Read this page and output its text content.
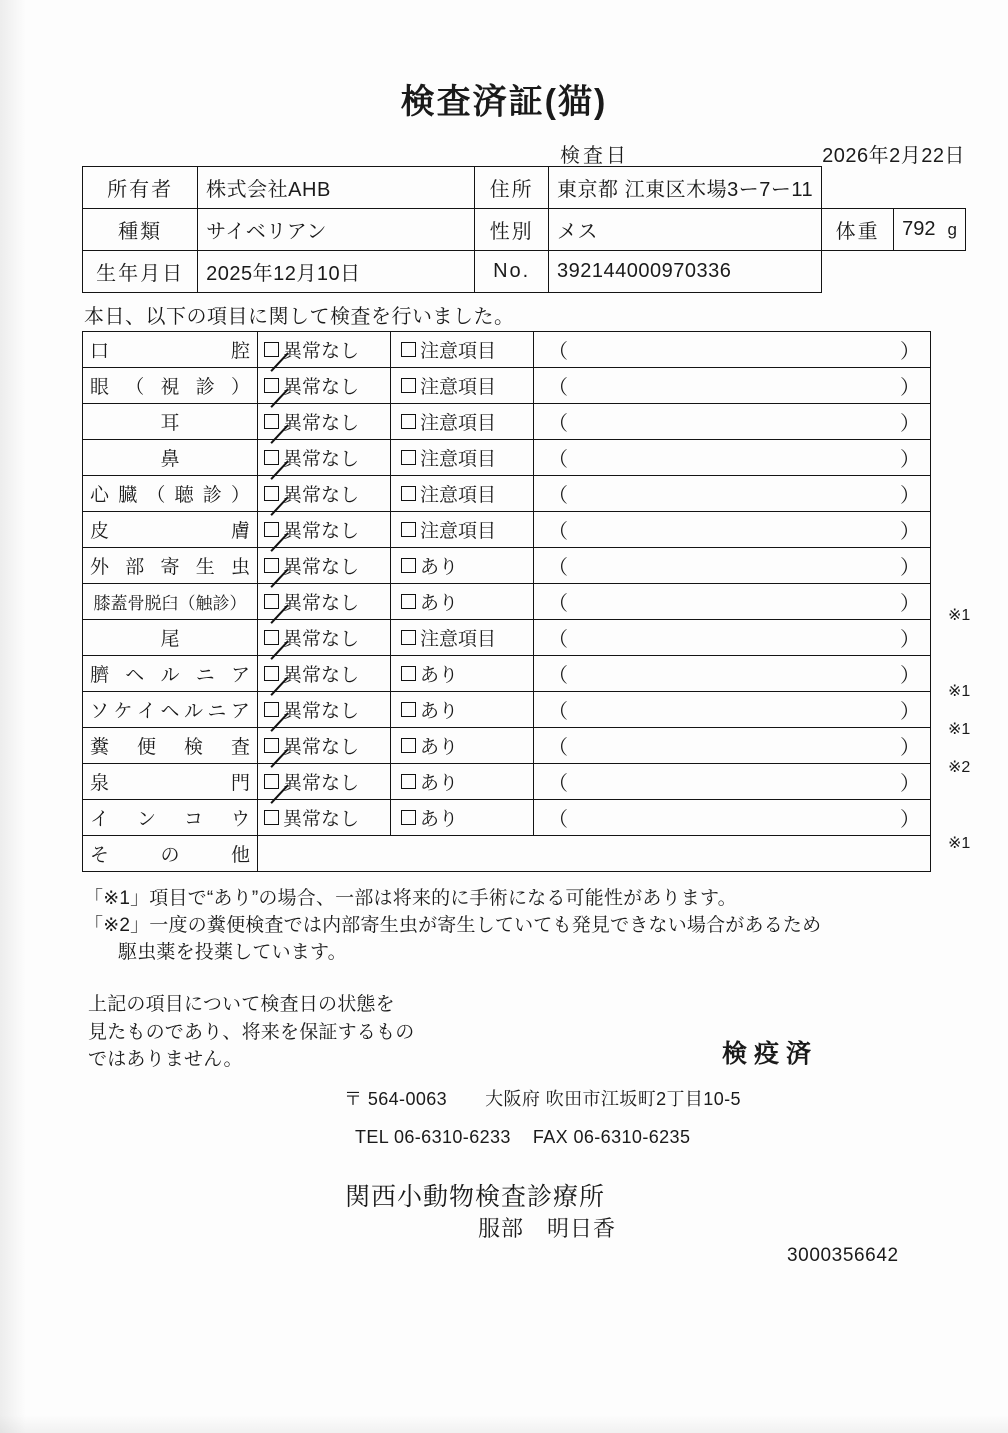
検査済証(猫)
検査日	2026年2月22日
所有者	株式会社AHB	住所	東京都 江東区木場3ー7ー11		
種類	サイベリアン	性別	メス	体重	792 g
生年月日	2025年12月10日	No.	392144000970336		
本日、以下の項目に関して検査を行いました。
口 腔	異常なし	注意項目	（ ）

眼 （ 視 診 ）	異常なし	注意項目	（ ）

耳	異常なし	注意項目	（ ）

鼻	異常なし	注意項目	（ ）

心 臓 （ 聴 診 ）	異常なし	注意項目	（	）

皮 膚	異常なし	注意項目	（ ）

外 部 寄 生 虫	異常なし	あり	（ ）

膝蓋骨脱臼（触診）	異常なし	あり	（ ）

尾	異常なし	注意項目	（ ）

臍 ヘ ル ニ ア	異常なし	あり	（ ）

ソ ケ イ ヘ ル ニ ア	異常なし	あり	（	）

糞 便 検 査	異常なし	あり	（ ）

泉 門	異常なし	あり	（ ）

イ ン コ ウ	異常なし	あり	（ ）

そ の 他			

※1
※1
※1
※2
※1
「※1」項目で“あり”の場合、一部は将来的に手術になる可能性があります。
「※2」一度の糞便検査では内部寄生虫が寄生していても発見できない場合があるため
駆虫薬を投薬しています。
上記の項目について検査日の状態を
見たものであり、将来を保証するもの
ではありません。	検疫済
〒 564-0063 大阪府 吹田市江坂町2丁目10-5
TEL 06-6310-6233 FAX 06-6310-6235
関西小動物検査診療所
服部　明日香
3000356642
